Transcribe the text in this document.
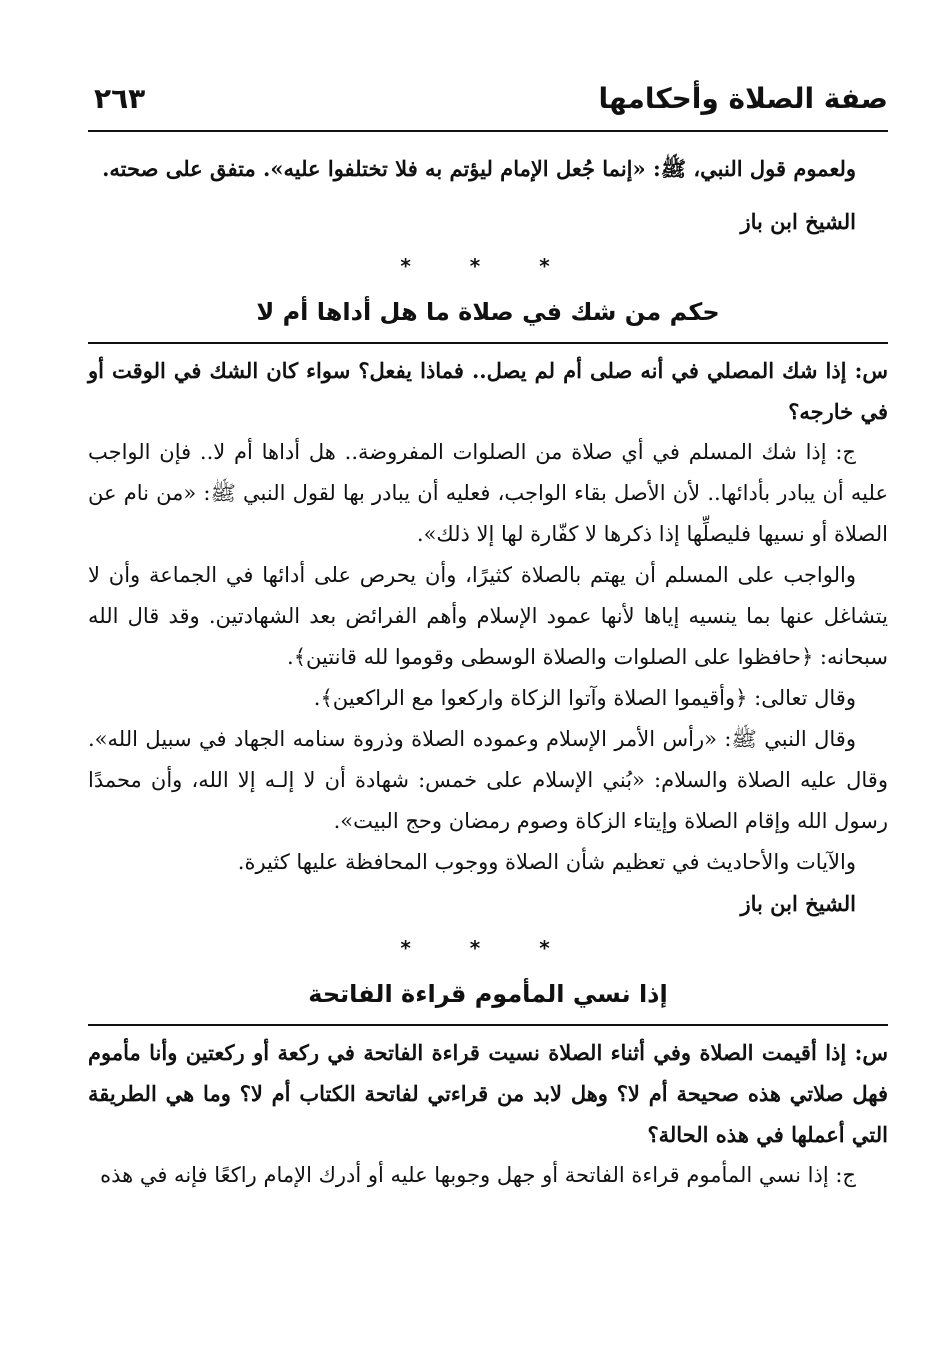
صفة الصلاة وأحكامها
٢٦٣

ولعموم قول النبي، ﷺ: «إنما جُعل الإمام ليؤتم به فلا تختلفوا عليه». متفق على صحته.

الشيخ ابن باز
* * *
حكم من شك في صلاة ما هل أداها أم لا

س: إذا شك المصلي في أنه صلى أم لم يصل.. فماذا يفعل؟ سواء كان الشك في الوقت أو في خارجه؟

ج: إذا شك المسلم في أي صلاة من الصلوات المفروضة.. هل أداها أم لا.. فإن الواجب عليه أن يبادر بأدائها.. لأن الأصل بقاء الواجب، فعليه أن يبادر بها لقول النبي ﷺ: «من نام عن الصلاة أو نسيها فليصلِّها إذا ذكرها لا كفّارة لها إلا ذلك».

والواجب على المسلم أن يهتم بالصلاة كثيرًا، وأن يحرص على أدائها في الجماعة وأن لا يتشاغل عنها بما ينسيه إياها لأنها عمود الإسلام وأهم الفرائض بعد الشهادتين. وقد قال الله سبحانه: ﴿حافظوا على الصلوات والصلاة الوسطى وقوموا لله قانتين﴾.

وقال تعالى: ﴿وأقيموا الصلاة وآتوا الزكاة واركعوا مع الراكعين﴾.

وقال النبي ﷺ: «رأس الأمر الإسلام وعموده الصلاة وذروة سنامه الجهاد في سبيل الله». وقال عليه الصلاة والسلام: «بُني الإسلام على خمس: شهادة أن لا إلـه إلا الله، وأن محمدًا رسول الله وإقام الصلاة وإيتاء الزكاة وصوم رمضان وحج البيت».

والآيات والأحاديث في تعظيم شأن الصلاة ووجوب المحافظة عليها كثيرة.

الشيخ ابن باز
* * *
إذا نسي المأموم قراءة الفاتحة

س: إذا أقيمت الصلاة وفي أثناء الصلاة نسيت قراءة الفاتحة في ركعة أو ركعتين وأنا مأموم فهل صلاتي هذه صحيحة أم لا؟ وهل لابد من قراءتي لفاتحة الكتاب أم لا؟ وما هي الطريقة التي أعملها في هذه الحالة؟

ج: إذا نسي المأموم قراءة الفاتحة أو جهل وجوبها عليه أو أدرك الإمام راكعًا فإنه في هذه
